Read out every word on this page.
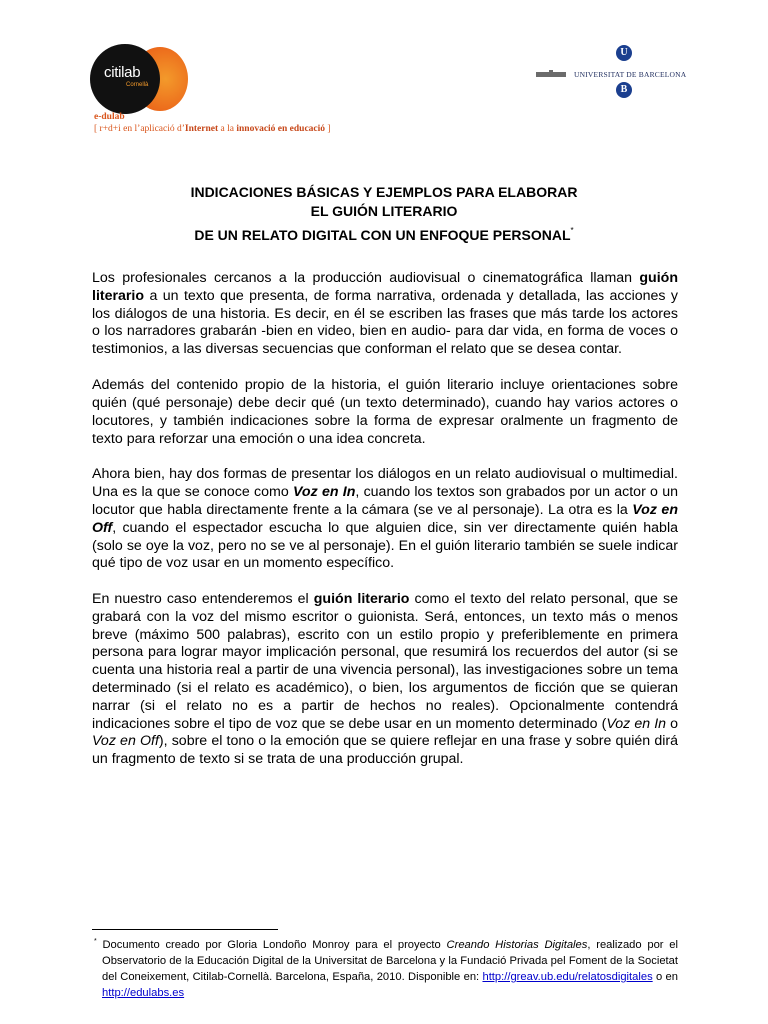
citilab
Cornellà
e-dulab
[ r+d+i en l’aplicació d’Internet a la innovació en educació ]
UNIVERSITAT DE BARCELONA
U
B
INDICACIONES BÁSICAS Y EJEMPLOS PARA ELABORAR
EL GUIÓN LITERARIO
DE UN RELATO DIGITAL CON UN ENFOQUE PERSONAL*

Los profesionales cercanos a la producción audiovisual o cinematográfica llaman guión literario a un texto que presenta, de forma narrativa, ordenada y detallada, las acciones y los diálogos de una historia. Es decir, en él se escriben las frases que más tarde los actores o los narradores grabarán -bien en video, bien en audio- para dar vida, en forma de voces o testimonios, a las diversas secuencias que conforman el relato que se desea contar.

Además del contenido propio de la historia, el guión literario incluye orientaciones sobre quién (qué personaje) debe decir qué (un texto determinado), cuando hay varios actores o locutores, y también indicaciones sobre la forma de expresar oralmente un fragmento de texto para reforzar una emoción o una idea concreta.

Ahora bien, hay dos formas de presentar los diálogos en un relato audiovisual o multimedial. Una es la que se conoce como Voz en In, cuando los textos son grabados por un actor o un locutor que habla directamente frente a la cámara (se ve al personaje). La otra es la Voz en Off, cuando el espectador escucha lo que alguien dice, sin ver directamente quién habla (solo se oye la voz, pero no se ve al personaje). En el guión literario también se suele indicar qué tipo de voz usar en un momento específico.

En nuestro caso entenderemos el guión literario como el texto del relato personal, que se grabará con la voz del mismo escritor o guionista. Será, entonces, un texto más o menos breve (máximo 500 palabras), escrito con un estilo propio y preferiblemente en primera persona para lograr mayor implicación personal, que resumirá los recuerdos del autor (si se cuenta una historia real a partir de una vivencia personal), las investigaciones sobre un tema determinado (si el relato es académico), o bien, los argumentos de ficción que se quieran narrar (si el relato no es a partir de hechos no reales). Opcionalmente contendrá indicaciones sobre el tipo de voz que se debe usar en un momento determinado (Voz en In o Voz en Off), sobre el tono o la emoción que se quiere reflejar en una frase y sobre quién dirá un fragmento de texto si se trata de una producción grupal.

* Documento creado por Gloria Londoño Monroy para el proyecto Creando Historias Digitales, realizado por el Observatorio de la Educación Digital de la Universitat de Barcelona y la Fundació Privada pel Foment de la Societat del Coneixement, Citilab-Cornellà. Barcelona, España, 2010. Disponible en: http://greav.ub.edu/relatosdigitales o en http://edulabs.es
